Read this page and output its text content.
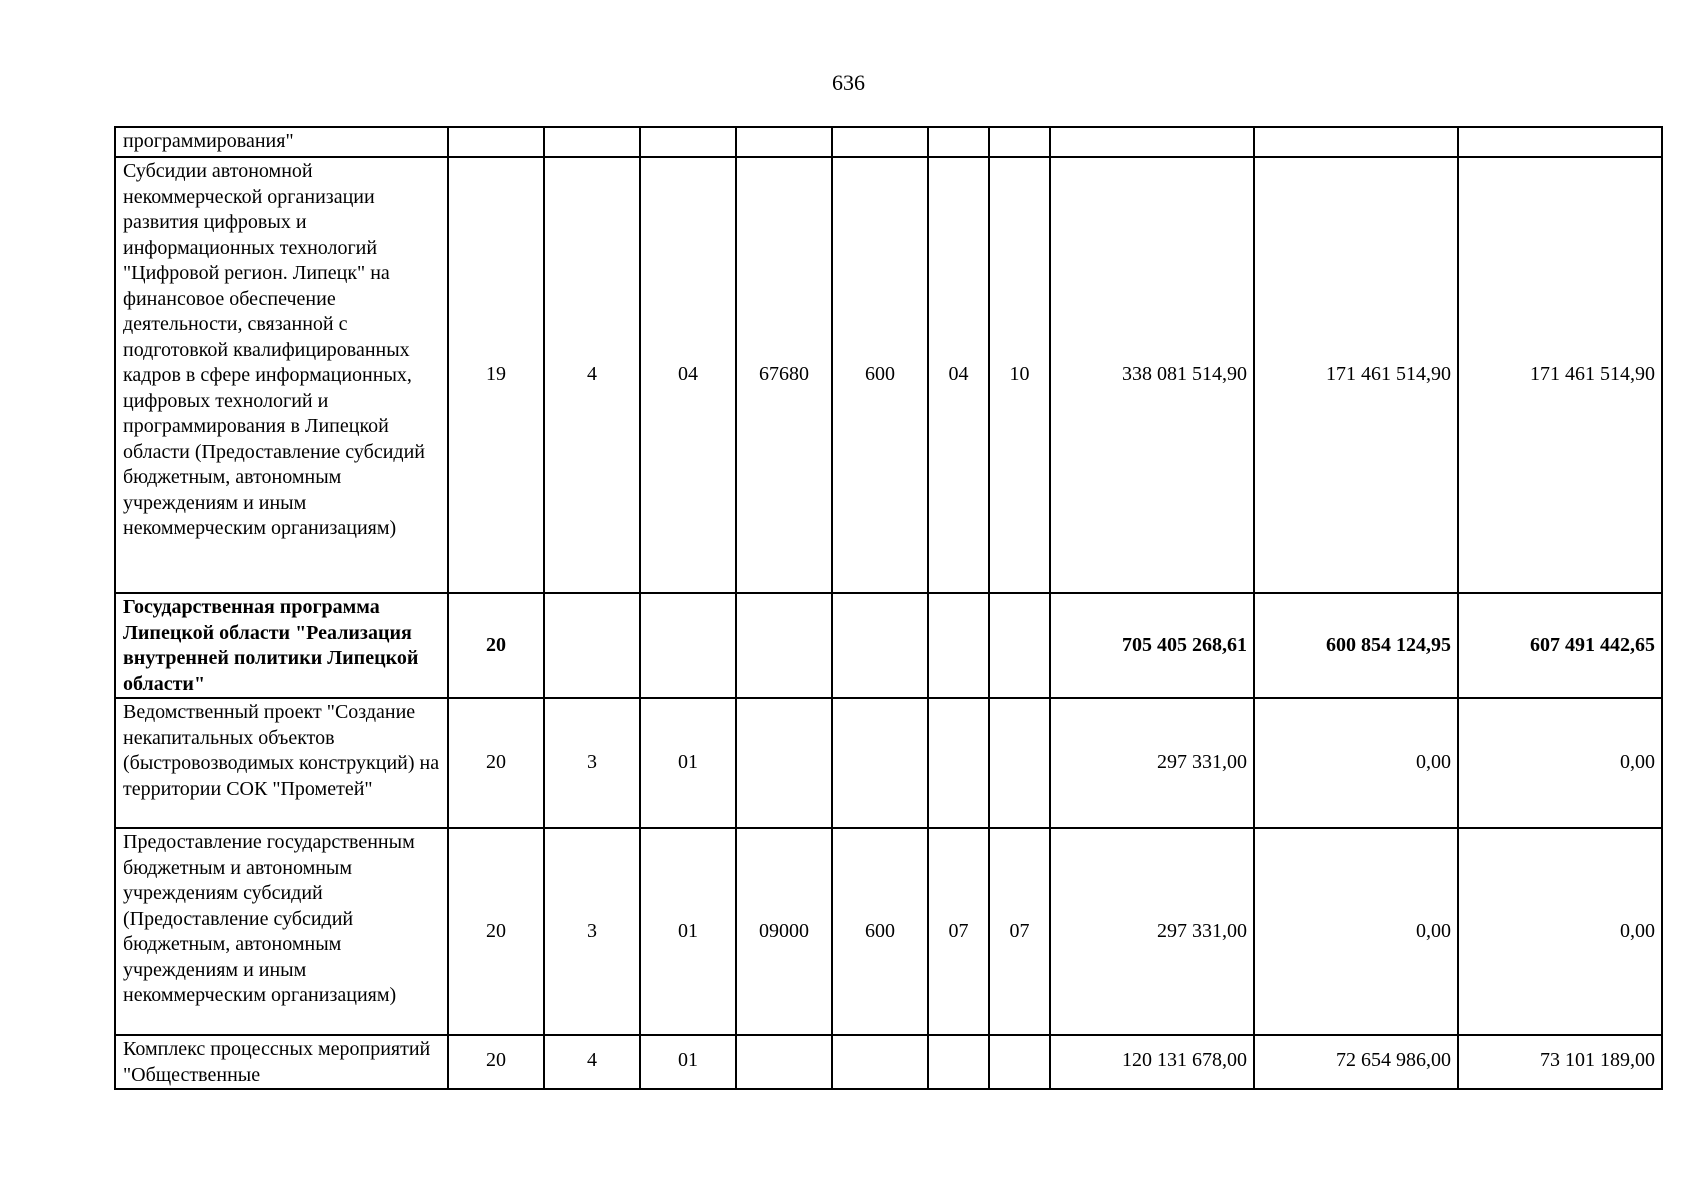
636
программирования"										
Субсидии автономной некоммерческой организации развития цифровых и информационных технологий "Цифровой регион. Липецк" на финансовое обеспечение деятельности, связанной с подготовкой квалифицированных кадров в сфере информационных, цифровых технологий и программирования в Липецкой области (Предоставление субсидий бюджетным, автономным учреждениям и иным некоммерческим организациям)	19	4	04	67680	600	04	10	338 081 514,90	171 461 514,90	171 461 514,90
Государственная программа Липецкой области "Реализация внутренней политики Липецкой области"	20							705 405 268,61	600 854 124,95	607 491 442,65
Ведомственный проект "Создание некапитальных объектов (быстровозводимых конструкций) на территории СОК "Прометей"	20	3	01					297 331,00	0,00	0,00
Предоставление государственным бюджетным и автономным учреждениям субсидий (Предоставление субсидий бюджетным, автономным учреждениям и иным некоммерческим организациям)	20	3	01	09000	600	07	07	297 331,00	0,00	0,00
Комплекс процессных мероприятий "Общественные	20	4	01					120 131 678,00	72 654 986,00	73 101 189,00
